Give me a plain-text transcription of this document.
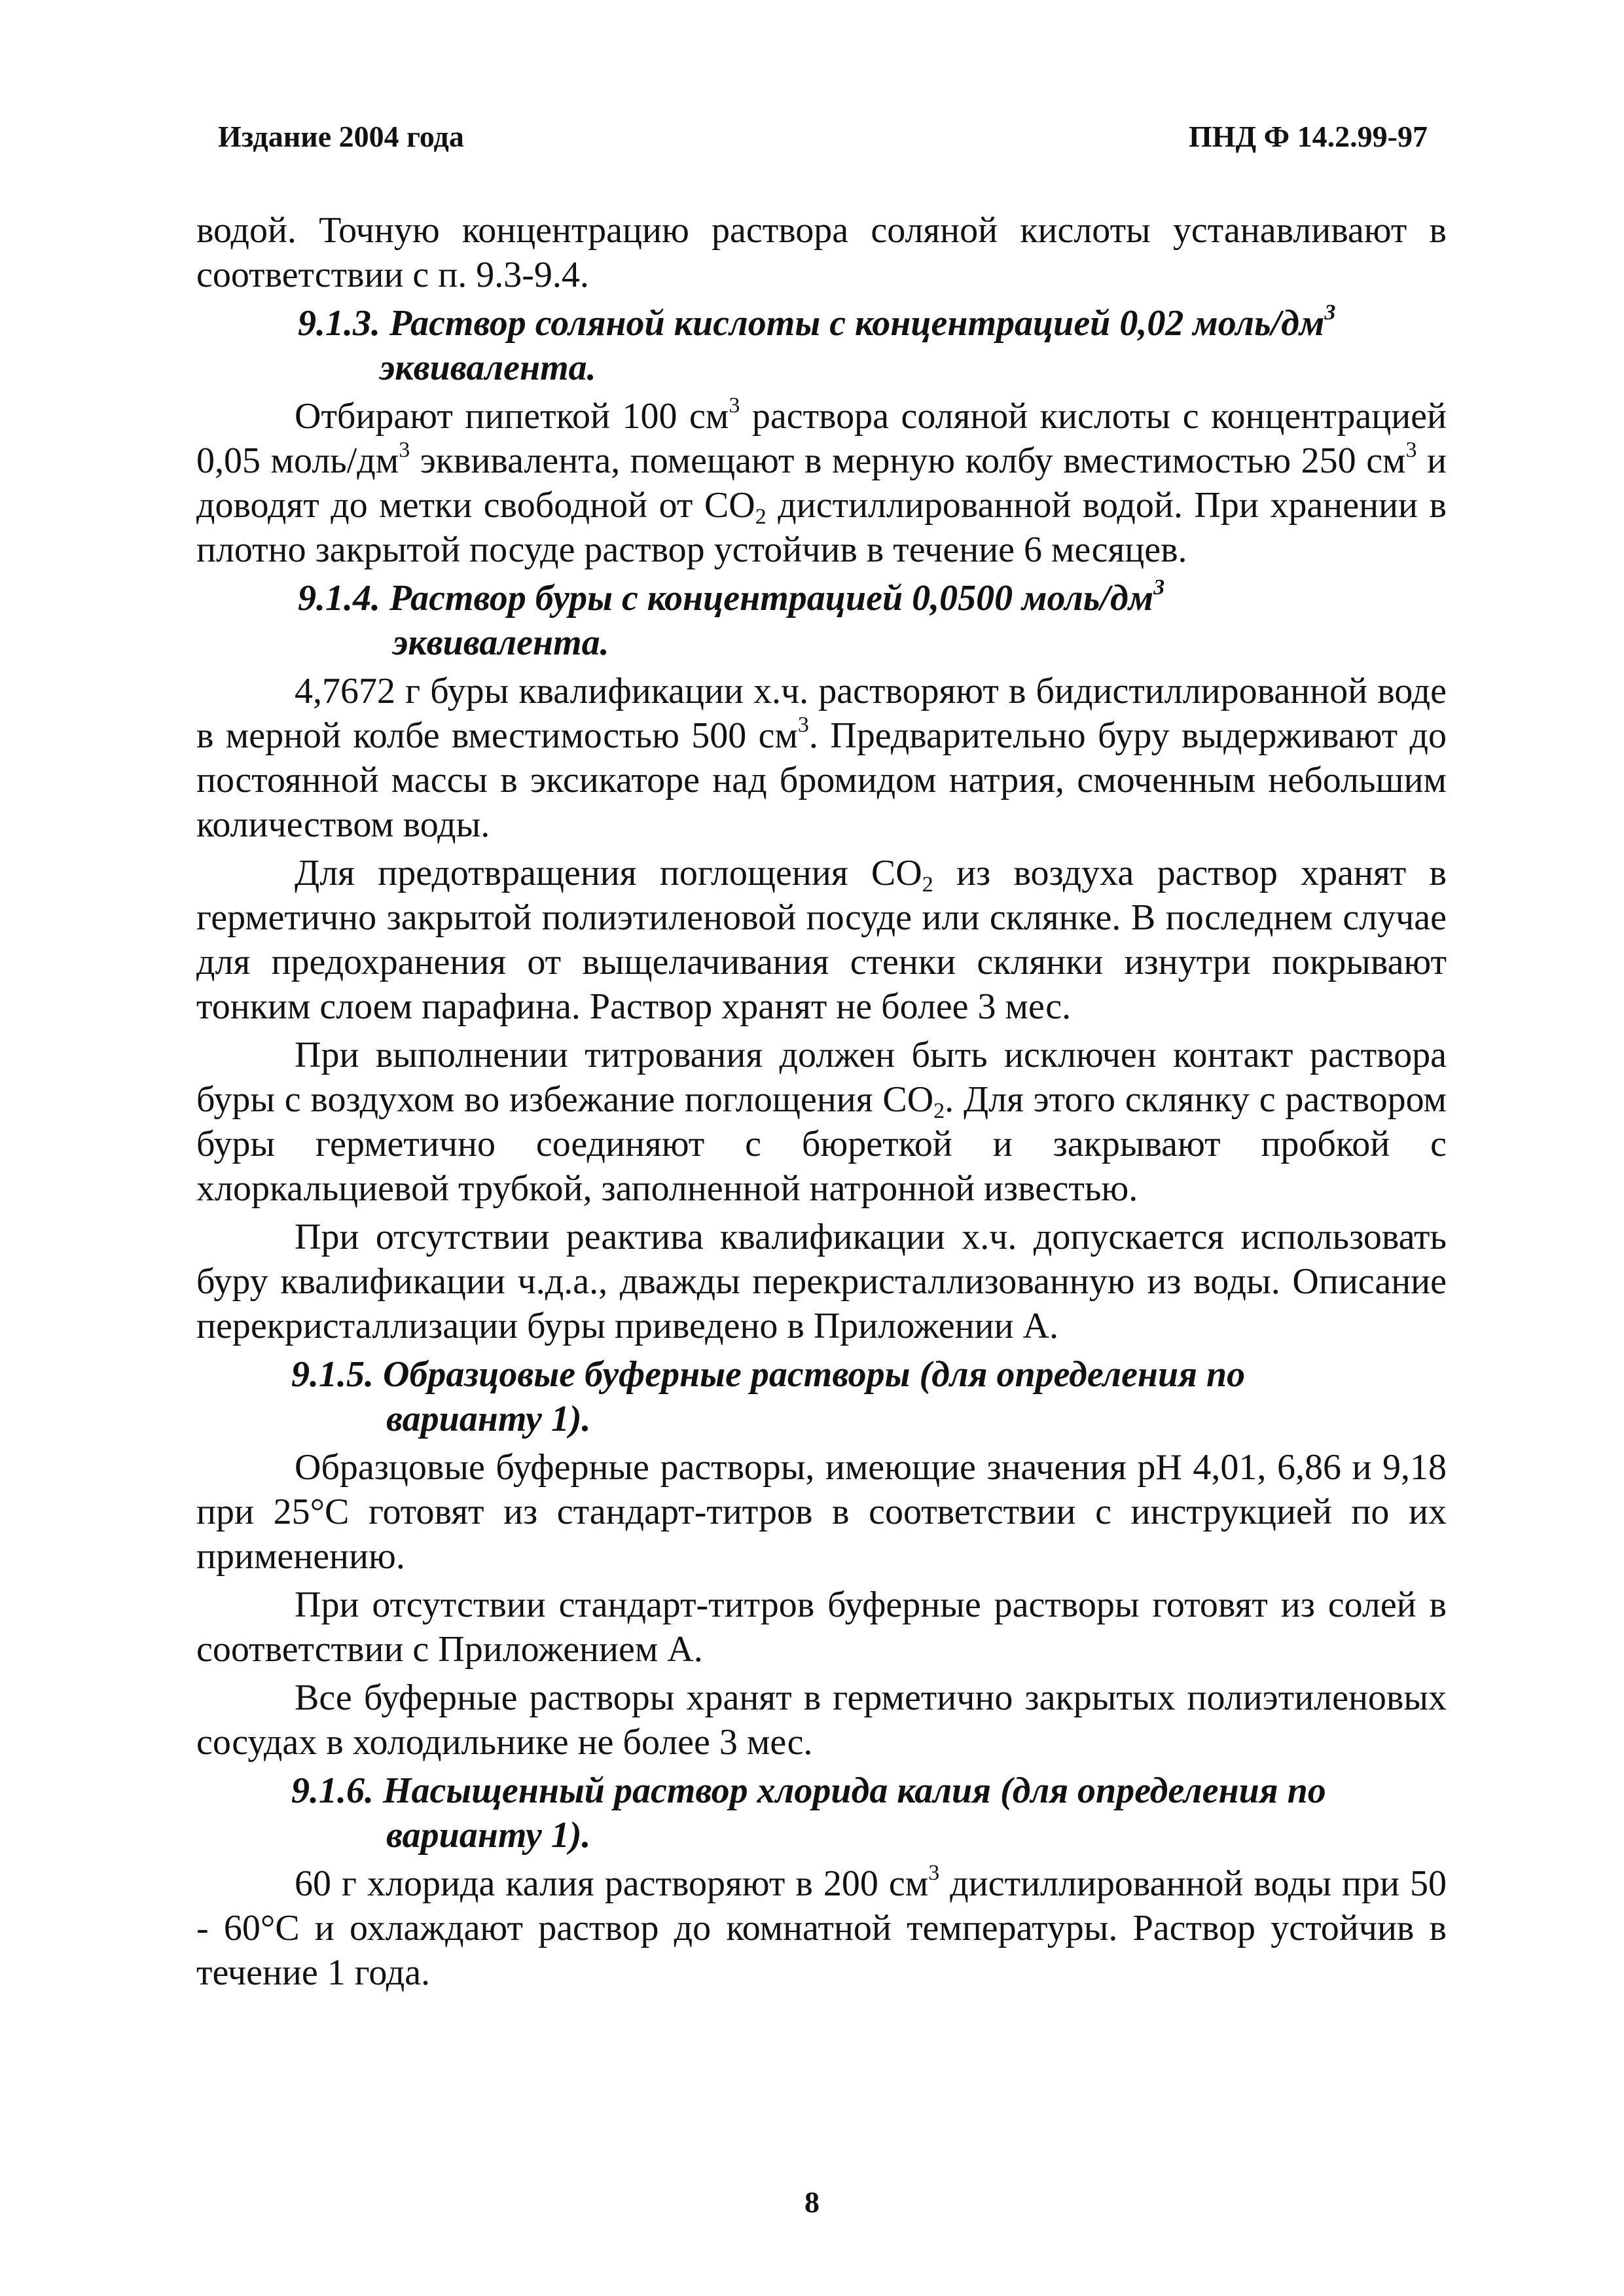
Издание 2004 года	ПНД Ф 14.2.99-97

водой. Точную концентрацию раствора соляной кислоты устанавливают в соответствии с п. 9.3-9.4.

9.1.3. Раствор соляной кислоты с концентрацией 0,02 моль/$дм^3$
эквивалента.

Отбирают пипеткой 100 $см^3$ раствора соляной кислоты с концентрацией 0,05 моль/$дм^3$ эквивалента, помещают в мерную колбу вместимостью 250 $см^3$ и доводят до метки свободной от $CO_2$ дистиллированной водой. При хранении в плотно закрытой посуде раствор устойчив в течение 6 месяцев.

9.1.4. Раствор буры с концентрацией 0,0500 моль/$дм^3$
эквивалента.

4,7672 г буры квалификации х.ч. растворяют в бидистиллированной воде в мерной колбе вместимостью 500 $см^3$. Предварительно буру выдерживают до постоянной массы в эксикаторе над бромидом натрия, смоченным небольшим количеством воды.

Для предотвращения поглощения $CO_2$ из воздуха раствор хранят в герметично закрытой полиэтиленовой посуде или склянке. В последнем случае для предохранения от выщелачивания стенки склянки изнутри покрывают тонким слоем парафина. Раствор хранят не более 3 мес.

При выполнении титрования должен быть исключен контакт раствора буры с воздухом во избежание поглощения $CO_2$. Для этого склянку с раствором буры герметично соединяют с бюреткой и закрывают пробкой с хлоркальциевой трубкой, заполненной натронной известью.

При отсутствии реактива квалификации х.ч. допускается использовать буру квалификации ч.д.а., дважды перекристаллизованную из воды. Описание перекристаллизации буры приведено в Приложении А.

9.1.5. Образцовые буферные растворы (для определения по
варианту 1).

Образцовые буферные растворы, имеющие значения pH 4,01, 6,86 и 9,18 при 25°С готовят из стандарт-титров в соответствии с инструкцией по их применению.

При отсутствии стандарт-титров буферные растворы готовят из солей в соответствии с Приложением А.

Все буферные растворы хранят в герметично закрытых полиэтиленовых сосудах в холодильнике не более 3 мес.

9.1.6. Насыщенный раствор хлорида калия (для определения по
варианту 1).

60 г хлорида калия растворяют в 200 $см^3$ дистиллированной воды при 50 - 60°С и охлаждают раствор до комнатной температуры. Раствор устойчив в течение 1 года.

8
